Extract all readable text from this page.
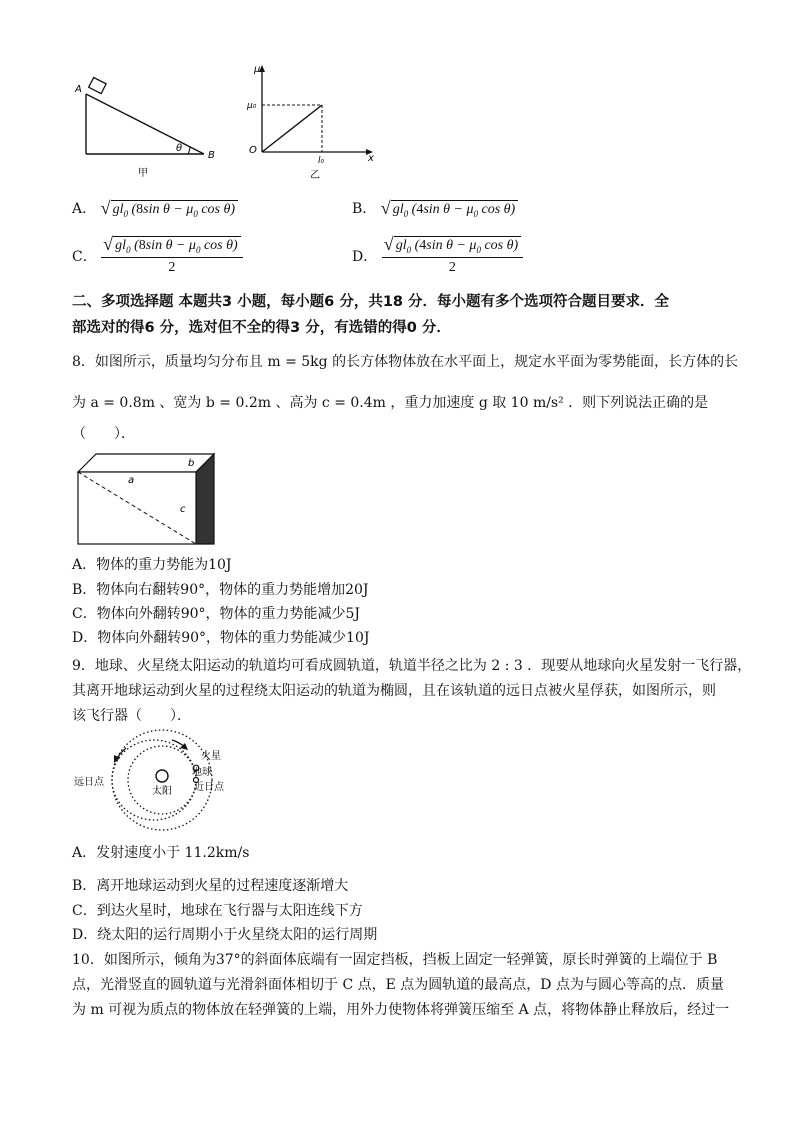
A
B
θ
甲
μ
μ₀
O
l₀	x
乙
A． √ $gl_0$ (8sin $\theta - \mu_0$ cos θ)	B． √ $gl_0$ (4sin $\theta - \mu_0$ cos θ)
C． $\frac{√ gl_0 (8\sin \theta - \mu_0 \cos \theta)}{2}$	D． $\frac{√ gl_0 (4\sin \theta - \mu_0 \cos \theta)}{2}$
二、多项选择题 本题共3 小题，每小题6 分，共18 分．每小题有多个选项符合题目要求．全
部选对的得6 分，选对但不全的得3 分，有选错的得0 分．
8．如图所示，质量均匀分布且 m = 5kg 的长方体物体放在水平面上，规定水平面为零势能面，长方体的长
为 a = 0.8m 、宽为 b = 0.2m 、高为 c = 0.4m ，重力加速度 g 取 10 m/s² ．则下列说法正确的是
（　　）．
a
b
c
A．物体的重力势能为10J
B．物体向右翻转90°，物体的重力势能增加20J
C．物体向外翻转90°，物体的重力势能减少5J
D．物体向外翻转90°，物体的重力势能减少10J
9．地球、火星绕太阳运动的轨道均可看成圆轨道，轨道半径之比为 2 : 3 ．现要从地球向火星发射一飞行器，
其离开地球运动到火星的过程绕太阳运动的轨道为椭圆，且在该轨道的远日点被火星俘获，如图所示，则
该飞行器（　　）．
火星
地球
太阳 近日点
远日点
A．发射速度小于 11.2km/s
B．离开地球运动到火星的过程速度逐渐增大
C．到达火星时，地球在飞行器与太阳连线下方
D．绕太阳的运行周期小于火星绕太阳的运行周期
10．如图所示，倾角为37°的斜面体底端有一固定挡板，挡板上固定一轻弹簧，原长时弹簧的上端位于 B
点，光滑竖直的圆轨道与光滑斜面体相切于 C 点，E 点为圆轨道的最高点，D 点为与圆心等高的点．质量
为 m 可视为质点的物体放在轻弹簧的上端，用外力使物体将弹簧压缩至 A 点，将物体静止释放后，经过一
